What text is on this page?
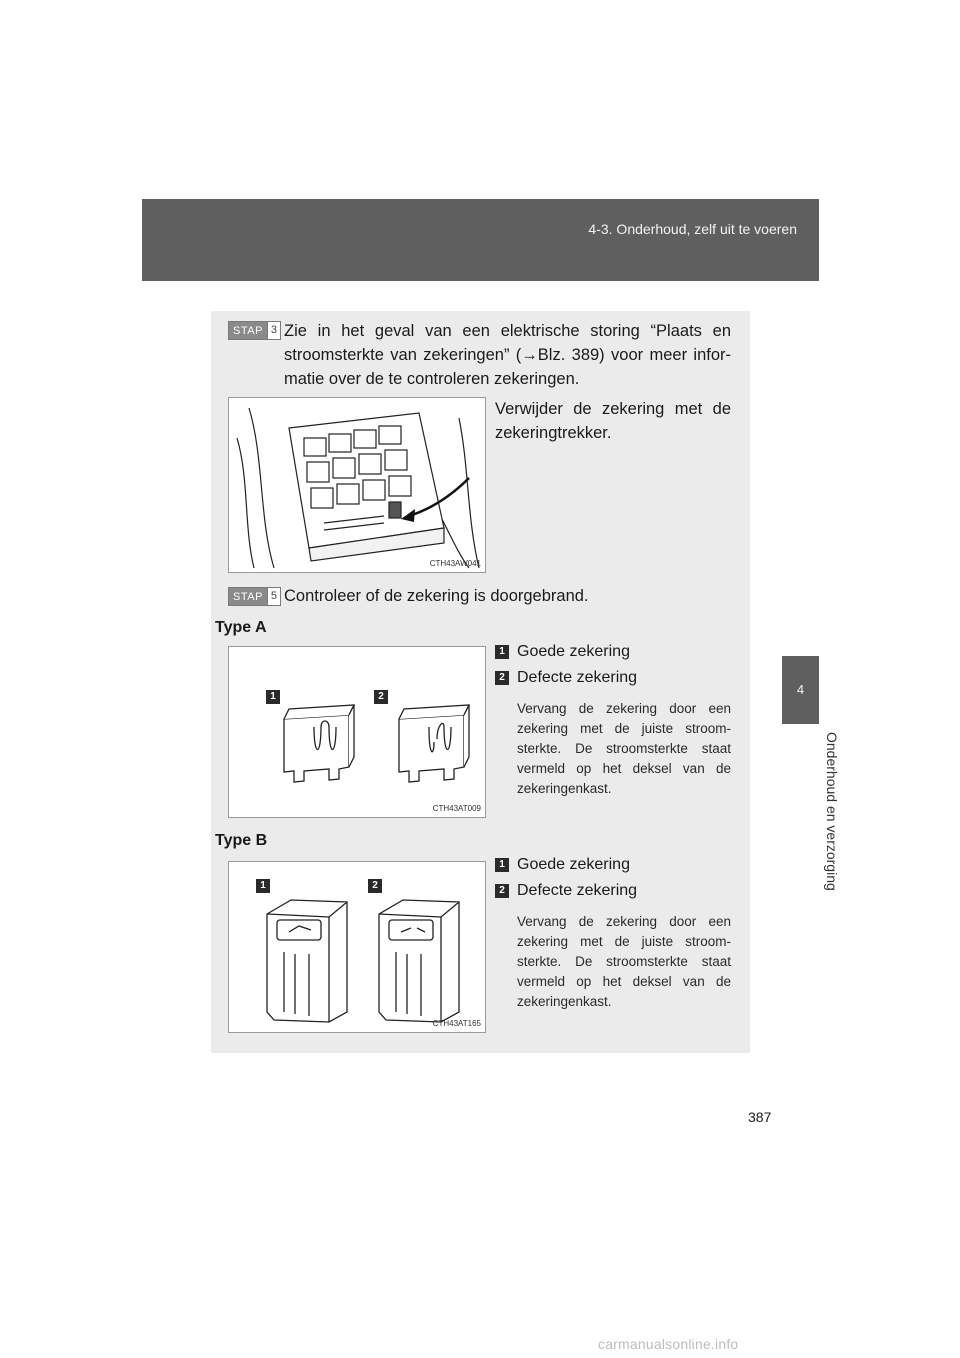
4-3. Onderhoud, zelf uit te voeren
4
Onderhoud en verzorging
STAP 3 Zie in het geval van een elektrische storing “Plaats en stroomsterkte van zekeringen” (→Blz. 389) voor meer infor-matie over de te controleren zekeringen.
CTH43AW041
Verwijder de zekering met de zekeringtrekker.
STAP 5 Controleer of de zekering is doorgebrand.
Type A
1	2
CTH43AT009
1 Goede zekering
2 Defecte zekering
Vervang de zekering door een zekering met de juiste stroom-sterkte. De stroomsterkte staat vermeld op het deksel van de zekeringenkast.
Type B
1	2
CTH43AT165
1 Goede zekering
2 Defecte zekering
Vervang de zekering door een zekering met de juiste stroom-sterkte. De stroomsterkte staat vermeld op het deksel van de zekeringenkast.
387
carmanualsonline.info
